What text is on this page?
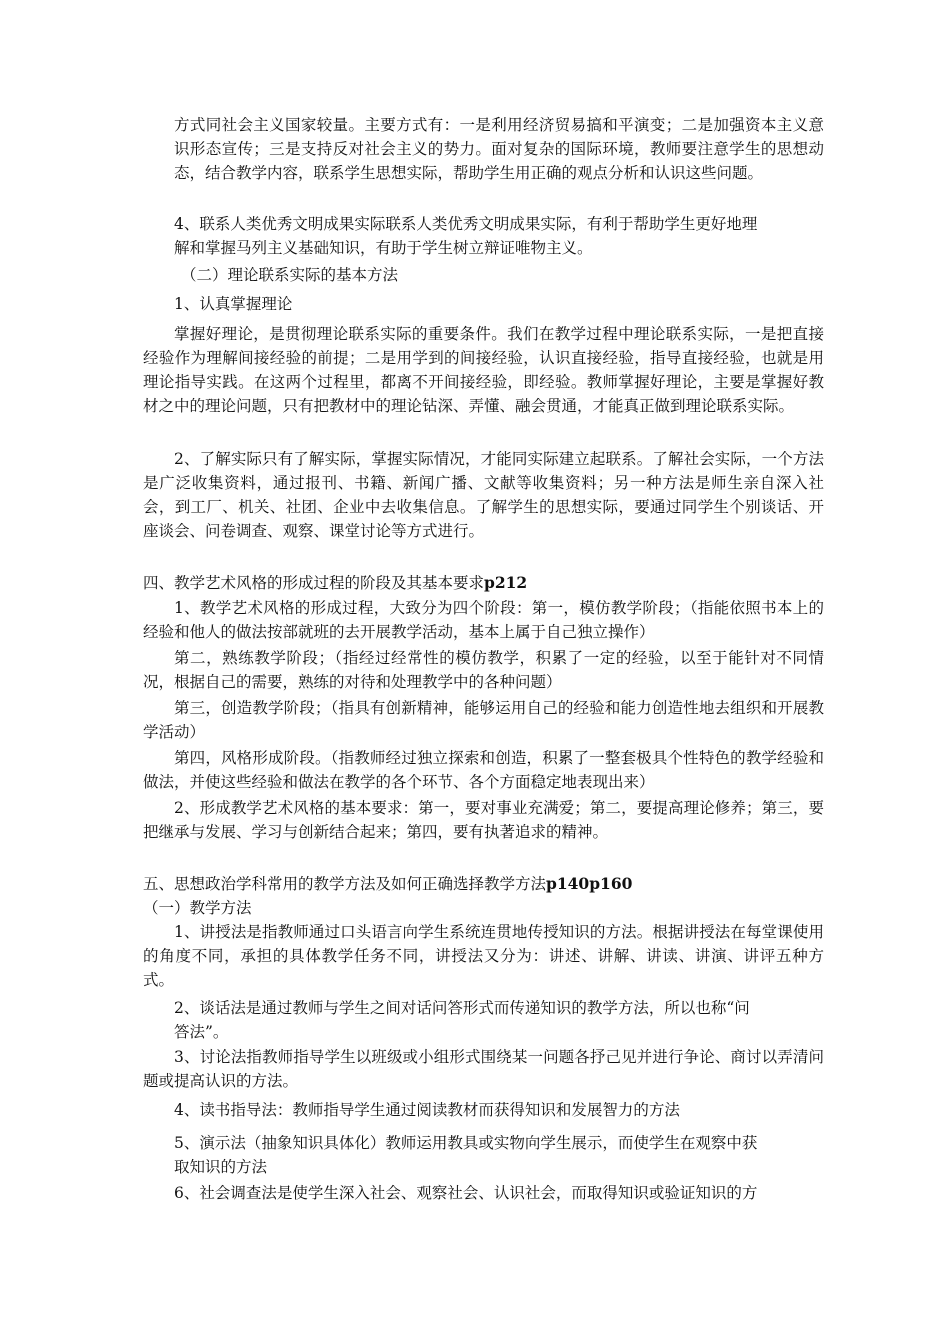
方式同社会主义国家较量。主要方式有：一是利用经济贸易搞和平演变；二是加强资本主义意识形态宣传；三是支持反对社会主义的势力。面对复杂的国际环境，教师要注意学生的思想动态，结合教学内容，联系学生思想实际，帮助学生用正确的观点分析和认识这些问题。

4、联系人类优秀文明成果实际联系人类优秀文明成果实际，有利于帮助学生更好地理

解和掌握马列主义基础知识，有助于学生树立辩证唯物主义。

（二）理论联系实际的基本方法

1、认真掌握理论

掌握好理论，是贯彻理论联系实际的重要条件。我们在教学过程中理论联系实际，一是把直接经验作为理解间接经验的前提；二是用学到的间接经验，认识直接经验，指导直接经验，也就是用理论指导实践。在这两个过程里，都离不开间接经验，即经验。教师掌握好理论，主要是掌握好教材之中的理论问题，只有把教材中的理论钻深、弄懂、融会贯通，才能真正做到理论联系实际。

2、了解实际只有了解实际，掌握实际情况，才能同实际建立起联系。了解社会实际，一个方法是广泛收集资料，通过报刊、书籍、新闻广播、文献等收集资料；另一种方法是师生亲自深入社会，到工厂、机关、社团、企业中去收集信息。了解学生的思想实际，要通过同学生个别谈话、开座谈会、问卷调查、观察、课堂讨论等方式进行。

四、教学艺术风格的形成过程的阶段及其基本要求p212

1、教学艺术风格的形成过程，大致分为四个阶段：第一，模仿教学阶段；（指能依照书本上的经验和他人的做法按部就班的去开展教学活动，基本上属于自己独立操作）

第二，熟练教学阶段；（指经过经常性的模仿教学，积累了一定的经验，以至于能针对不同情况，根据自己的需要，熟练的对待和处理教学中的各种问题）

第三，创造教学阶段；（指具有创新精神，能够运用自己的经验和能力创造性地去组织和开展教学活动）

第四，风格形成阶段。（指教师经过独立探索和创造，积累了一整套极具个性特色的教学经验和做法，并使这些经验和做法在教学的各个环节、各个方面稳定地表现出来）

2、形成教学艺术风格的基本要求：第一，要对事业充满爱；第二，要提高理论修养；第三，要把继承与发展、学习与创新结合起来；第四，要有执著追求的精神。

五、思想政治学科常用的教学方法及如何正确选择教学方法p140p160

（一）教学方法

1、讲授法是指教师通过口头语言向学生系统连贯地传授知识的方法。根据讲授法在每堂课使用的角度不同，承担的具体教学任务不同，讲授法又分为：讲述、讲解、讲读、讲演、讲评五种方式。

2、谈话法是通过教师与学生之间对话问答形式而传递知识的教学方法，所以也称“问

答法”。

3、讨论法指教师指导学生以班级或小组形式围绕某一问题各抒己见并进行争论、商讨以弄清问题或提高认识的方法。

4、读书指导法：教师指导学生通过阅读教材而获得知识和发展智力的方法

5、演示法（抽象知识具体化）教师运用教具或实物向学生展示，而使学生在观察中获

取知识的方法

6、社会调查法是使学生深入社会、观察社会、认识社会，而取得知识或验证知识的方
